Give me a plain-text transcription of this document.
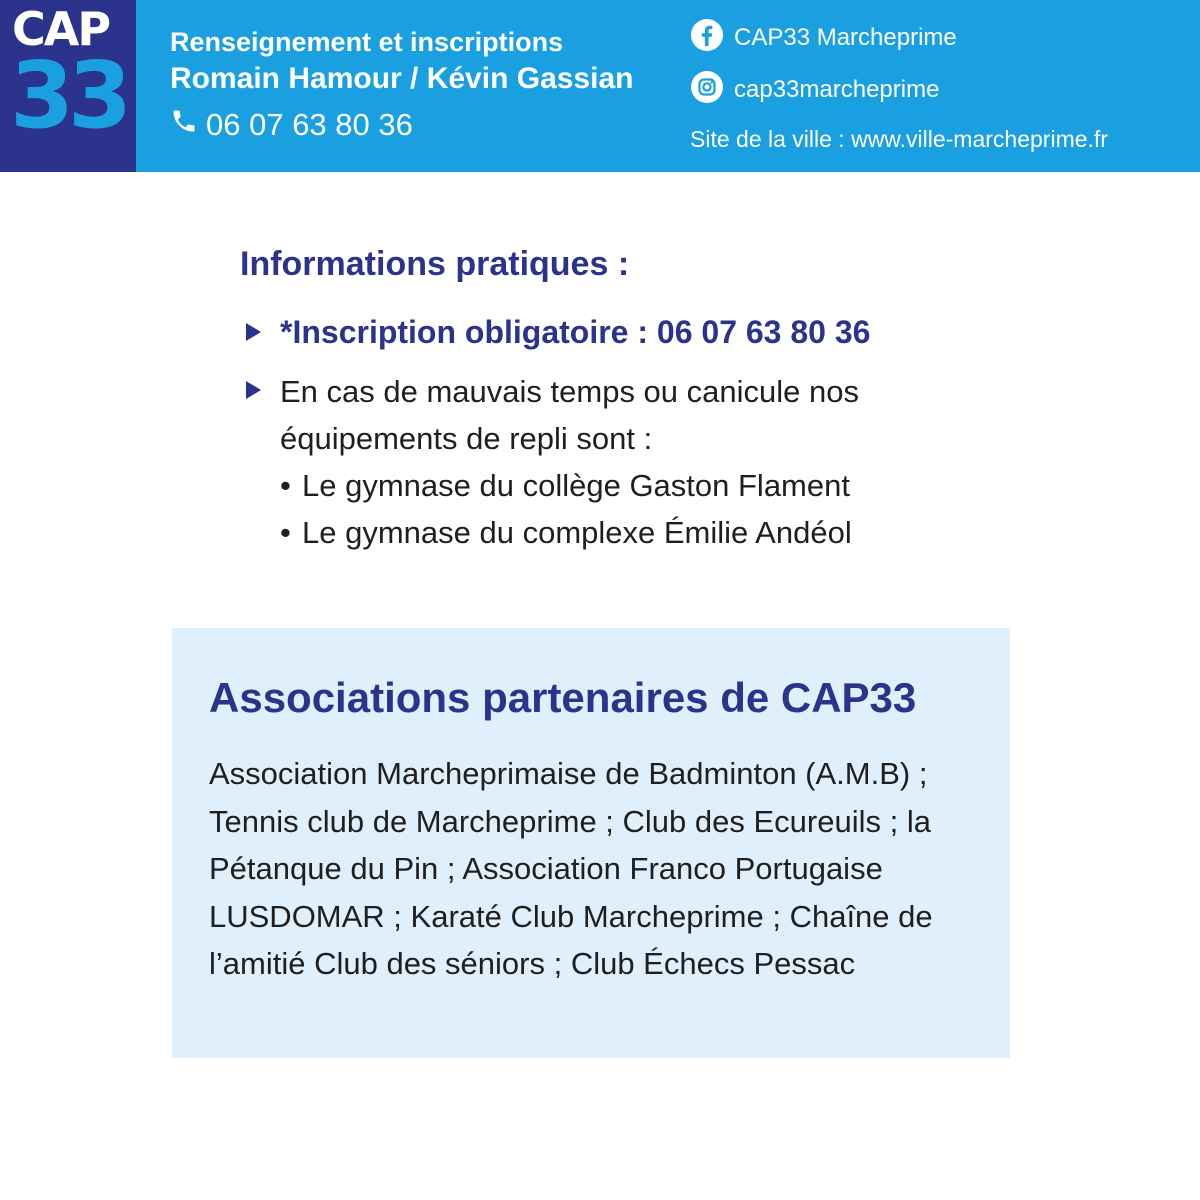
CAP
33 Renseignement et inscriptions
Romain Hamour / Kévin Gassian
06 07 63 80 36
CAP33 Marcheprime
cap33marcheprime
Site de la ville : www.ville-marcheprime.fr
Informations pratiques :
*Inscription obligatoire : 06 07 63 80 36
En cas de mauvais temps ou canicule nos équipements de repli sont :
• Le gymnase du collège Gaston Flament
• Le gymnase du complexe Émilie Andéol
Associations partenaires de CAP33
Association Marcheprimaise de Badminton (A.M.B) ; Tennis club de Marcheprime ; Club des Ecureuils ; la Pétanque du Pin ; Association Franco Portugaise LUSDOMAR ; Karaté Club Marcheprime ; Chaîne de l’amitié Club des séniors ; Club Échecs Pessac
